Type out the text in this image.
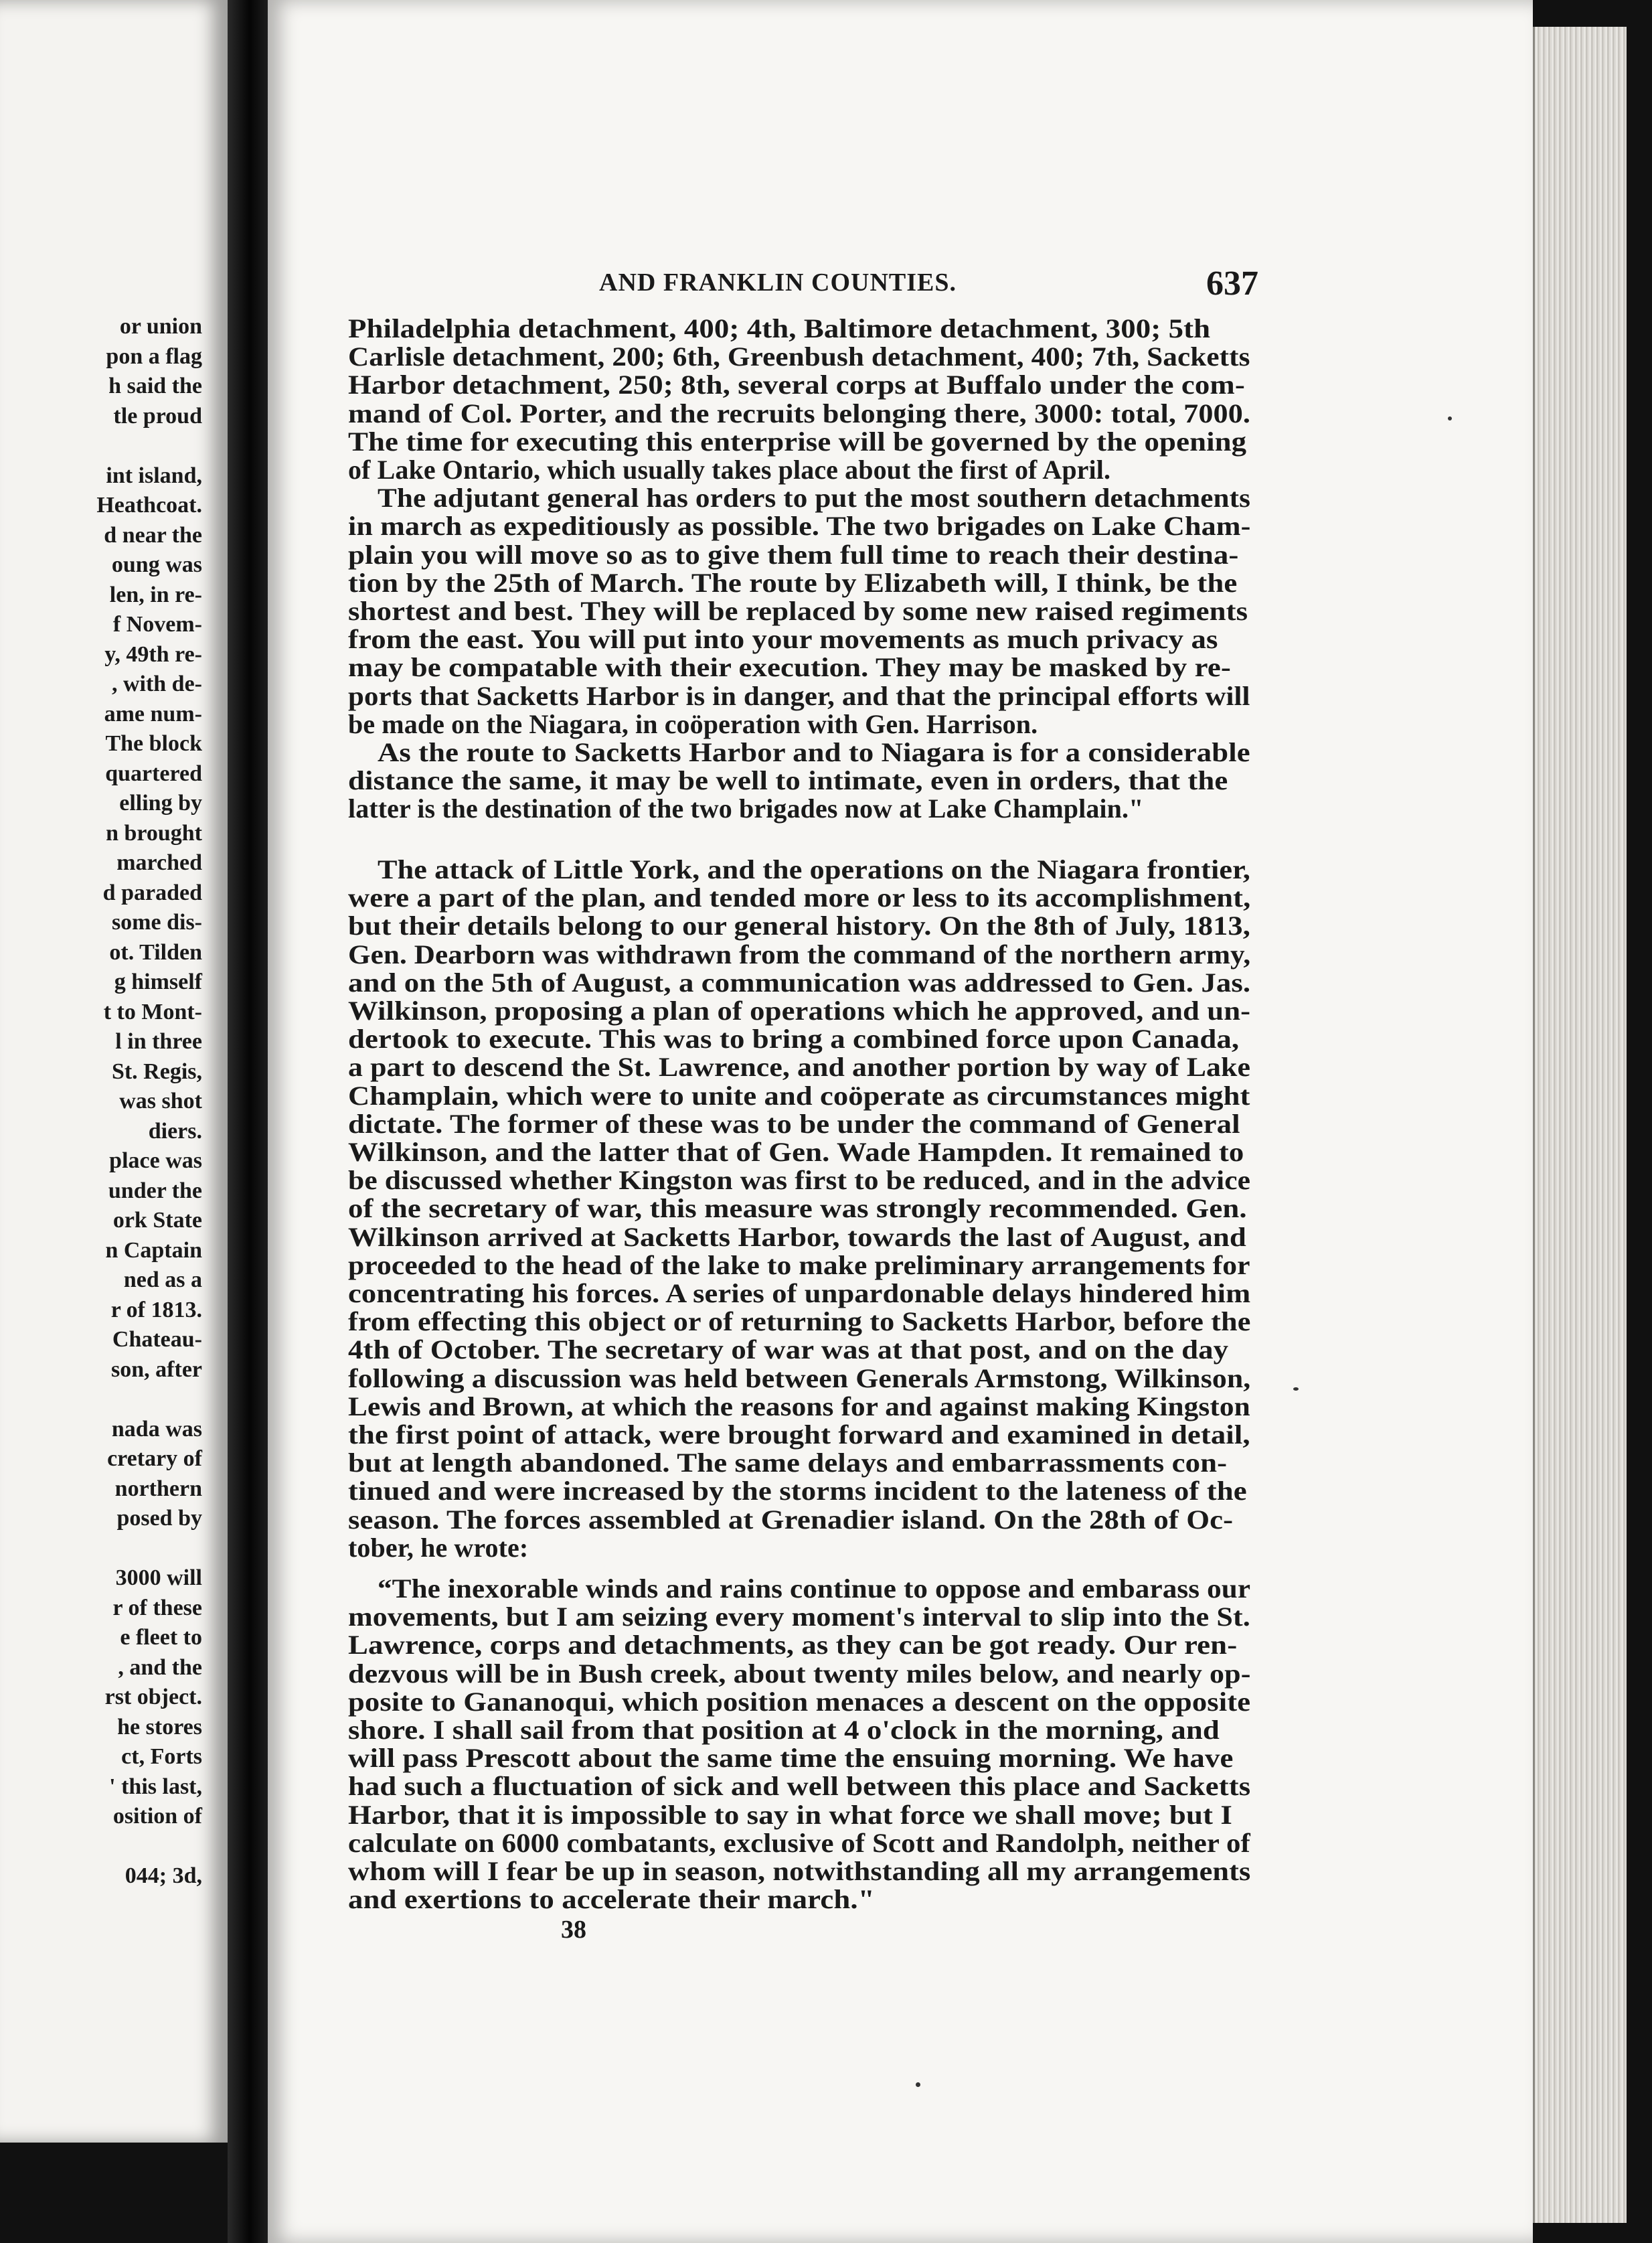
or union
pon a flag
h said the
tle proud
int island,
Heathcoat.
d near the
oung was
len, in re-
f Novem-
y, 49th re-
, with de-
ame num-
The block
quartered
elling by
n brought
marched
d paraded
some dis-
ot. Tilden
g himself
t to Mont-
l in three
St. Regis,
was shot
diers.
place was
under the
ork State
n Captain
ned as a
r of 1813.
Chateau-
son, after
nada was
cretary of
northern
posed by
3000 will
r of these
e fleet to
, and the
rst object.
he stores
ct, Forts
' this last,
osition of
044; 3d,
AND FRANKLIN COUNTIES.	637
Philadelphia detachment, 400; 4th, Baltimore detachment, 300; 5th
Carlisle detachment, 200; 6th, Greenbush detachment, 400; 7th, Sacketts
Harbor detachment, 250; 8th, several corps at Buffalo under the com-
mand of Col. Porter, and the recruits belonging there, 3000: total, 7000.
The time for executing this enterprise will be governed by the opening
of Lake Ontario, which usually takes place about the first of April.
The adjutant general has orders to put the most southern detachments
in march as expeditiously as possible. The two brigades on Lake Cham-
plain you will move so as to give them full time to reach their destina-
tion by the 25th of March. The route by Elizabeth will, I think, be the
shortest and best. They will be replaced by some new raised regiments
from the east. You will put into your movements as much privacy as
may be compatable with their execution. They may be masked by re-
ports that Sacketts Harbor is in danger, and that the principal efforts will
be made on the Niagara, in coöperation with Gen. Harrison.
As the route to Sacketts Harbor and to Niagara is for a considerable
distance the same, it may be well to intimate, even in orders, that the
latter is the destination of the two brigades now at Lake Champlain."
The attack of Little York, and the operations on the Niagara frontier,
were a part of the plan, and tended more or less to its accomplishment,
but their details belong to our general history. On the 8th of July, 1813,
Gen. Dearborn was withdrawn from the command of the northern army,
and on the 5th of August, a communication was addressed to Gen. Jas.
Wilkinson, proposing a plan of operations which he approved, and un-
dertook to execute. This was to bring a combined force upon Canada,
a part to descend the St. Lawrence, and another portion by way of Lake
Champlain, which were to unite and coöperate as circumstances might
dictate. The former of these was to be under the command of General
Wilkinson, and the latter that of Gen. Wade Hampden. It remained to
be discussed whether Kingston was first to be reduced, and in the advice
of the secretary of war, this measure was strongly recommended. Gen.
Wilkinson arrived at Sacketts Harbor, towards the last of August, and
proceeded to the head of the lake to make preliminary arrangements for
concentrating his forces. A series of unpardonable delays hindered him
from effecting this object or of returning to Sacketts Harbor, before the
4th of October. The secretary of war was at that post, and on the day
following a discussion was held between Generals Armstong, Wilkinson,
Lewis and Brown, at which the reasons for and against making Kingston
the first point of attack, were brought forward and examined in detail,
but at length abandoned. The same delays and embarrassments con-
tinued and were increased by the storms incident to the lateness of the
season. The forces assembled at Grenadier island. On the 28th of Oc-
tober, he wrote:
“The inexorable winds and rains continue to oppose and embarass our
movements, but I am seizing every moment's interval to slip into the St.
Lawrence, corps and detachments, as they can be got ready. Our ren-
dezvous will be in Bush creek, about twenty miles below, and nearly op-
posite to Gananoqui, which position menaces a descent on the opposite
shore. I shall sail from that position at 4 o'clock in the morning, and
will pass Prescott about the same time the ensuing morning. We have
had such a fluctuation of sick and well between this place and Sacketts
Harbor, that it is impossible to say in what force we shall move; but I
calculate on 6000 combatants, exclusive of Scott and Randolph, neither of
whom will I fear be up in season, notwithstanding all my arrangements
and exertions to accelerate their march."
38
